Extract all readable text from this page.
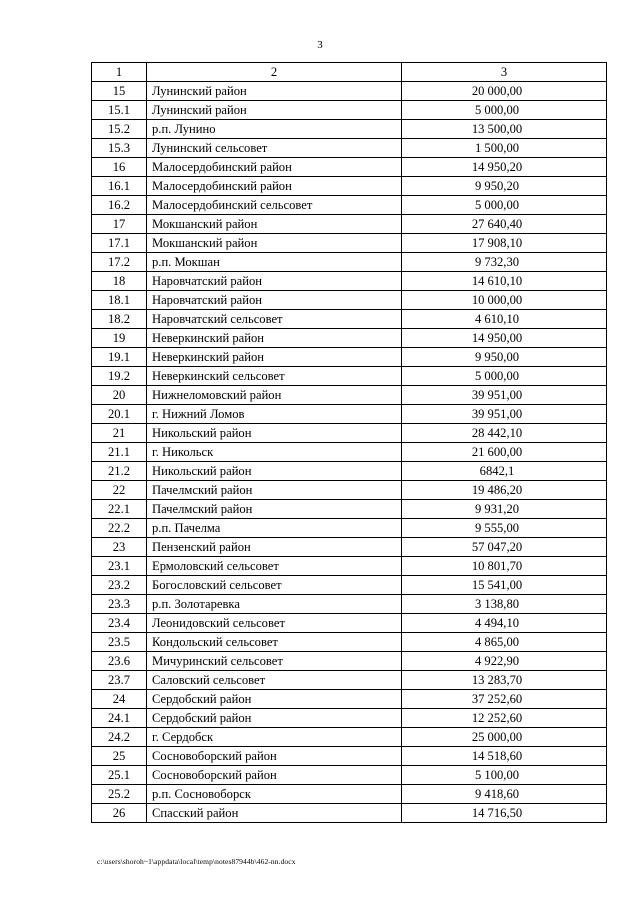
3
1	2	3
15	Лунинский район	20 000,00
15.1	Лунинский район	5 000,00
15.2	р.п. Лунино	13 500,00
15.3	Лунинский сельсовет	1 500,00
16	Малосердобинский район	14 950,20
16.1	Малосердобинский район	9 950,20
16.2	Малосердобинский сельсовет	5 000,00
17	Мокшанский район	27 640,40
17.1	Мокшанский район	17 908,10
17.2	р.п. Мокшан	9 732,30
18	Наровчатский район	14 610,10
18.1	Наровчатский район	10 000,00
18.2	Наровчатский сельсовет	4 610,10
19	Неверкинский район	14 950,00
19.1	Неверкинский район	9 950,00
19.2	Неверкинский сельсовет	5 000,00
20	Нижнеломовский район	39 951,00
20.1	г. Нижний Ломов	39 951,00
21	Никольский район	28 442,10
21.1	г. Никольск	21 600,00
21.2	Никольский район	6842,1
22	Пачелмский район	19 486,20
22.1	Пачелмский район	9 931,20
22.2	р.п. Пачелма	9 555,00
23	Пензенский район	57 047,20
23.1	Ермоловский сельсовет	10 801,70
23.2	Богословский сельсовет	15 541,00
23.3	р.п. Золотаревка	3 138,80
23.4	Леонидовский сельсовет	4 494,10
23.5	Кондольский сельсовет	4 865,00
23.6	Мичуринский сельсовет	4 922,90
23.7	Саловский сельсовет	13 283,70
24	Сердобский район	37 252,60
24.1	Сердобский район	12 252,60
24.2	г. Сердобск	25 000,00
25	Сосновоборский район	14 518,60
25.1	Сосновоборский район	5 100,00
25.2	р.п. Сосновоборск	9 418,60
26	Спасский район	14 716,50
c:\users\shoroh~1\appdata\local\temp\notes87944b\462-nn.docx
